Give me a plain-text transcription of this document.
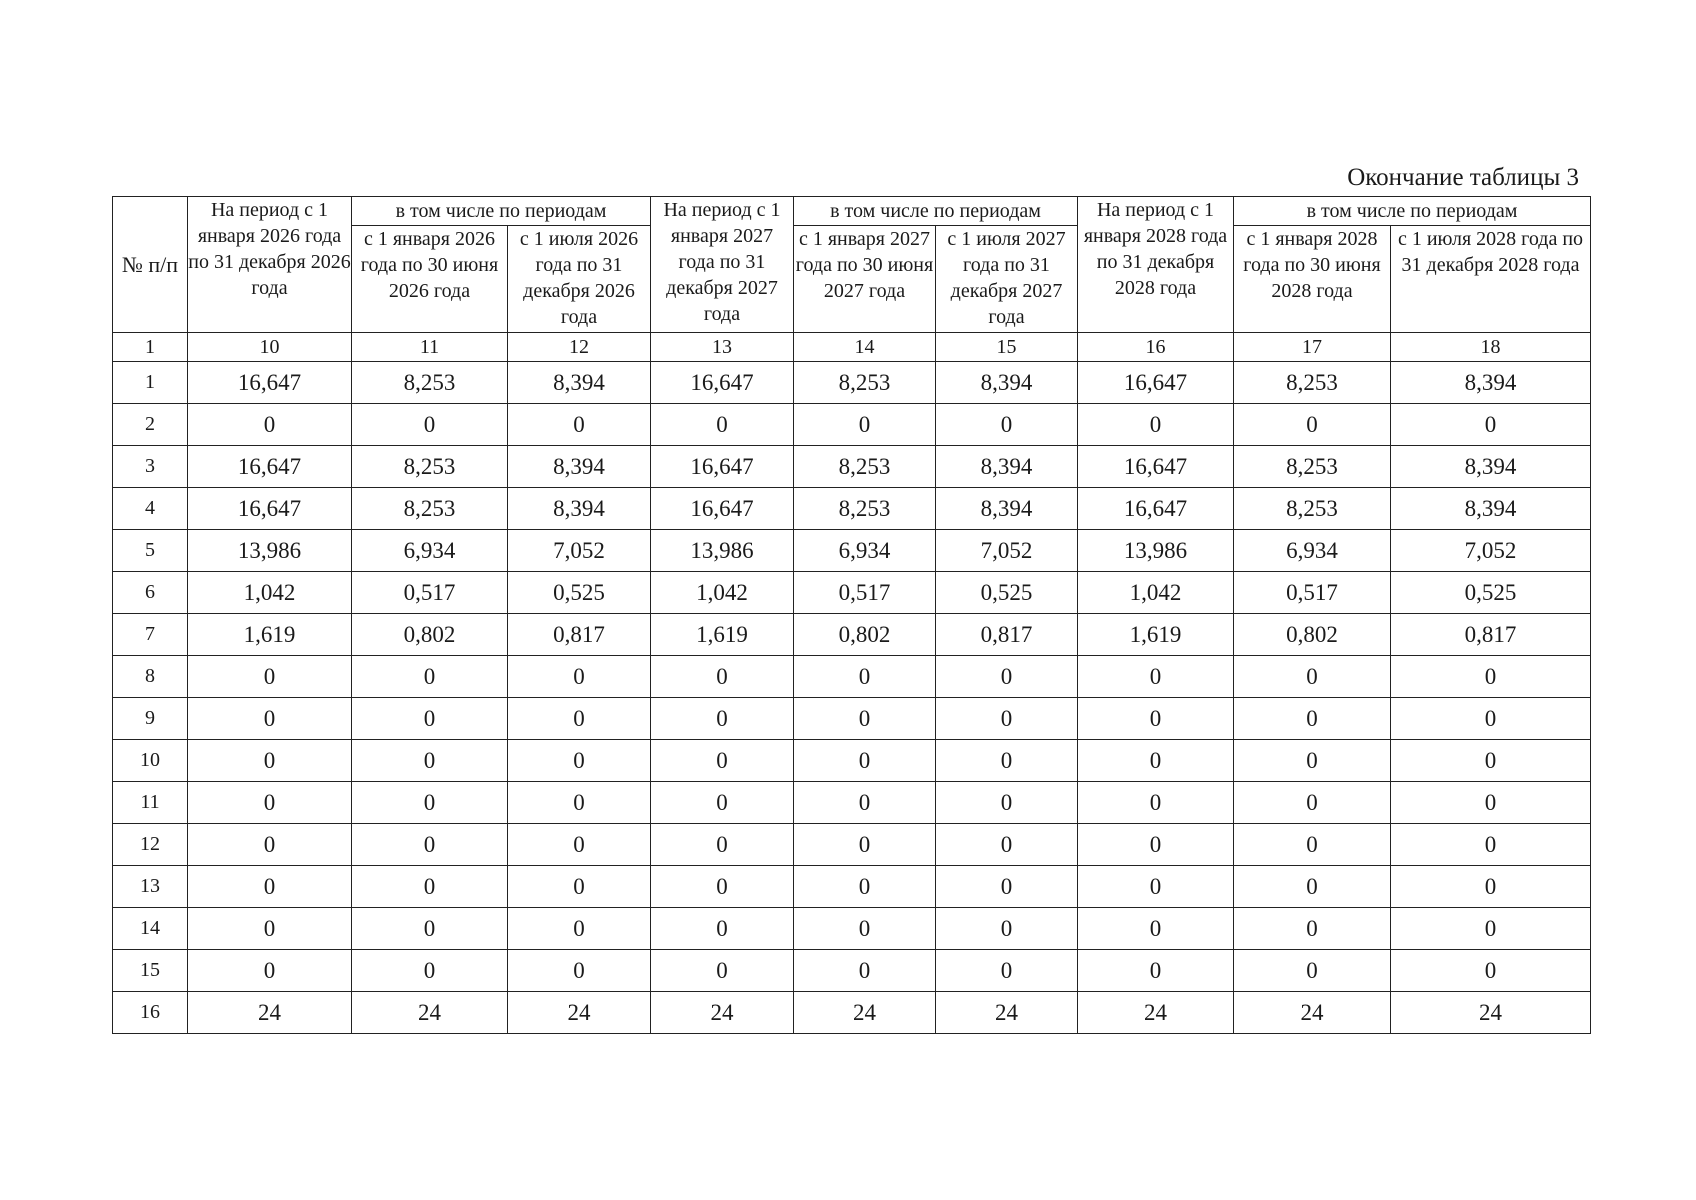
Окончание таблицы 3
№ п/п	На период с 1 января 2026 года по 31 декабря 2026 года	в том числе по периодам		На период с 1 января 2027 года по 31 декабря 2027 года	в том числе по периодам		На период с 1 января 2028 года по 31 декабря 2028 года	в том числе по периодам	
		с 1 января 2026 года по 30 июня 2026 года	с 1 июля 2026 года по 31 декабря 2026 года		с 1 января 2027 года по 30 июня 2027 года	с 1 июля 2027 года по 31 декабря 2027 года		с 1 января 2028 года по 30 июня 2028 года	с 1 июля 2028 года по 31 декабря 2028 года
1	10	11	12	13	14	15	16	17	18
1	16,647	8,253	8,394	16,647	8,253	8,394	16,647	8,253	8,394
2	0	0	0	0	0	0	0	0	0
3	16,647	8,253	8,394	16,647	8,253	8,394	16,647	8,253	8,394
4	16,647	8,253	8,394	16,647	8,253	8,394	16,647	8,253	8,394
5	13,986	6,934	7,052	13,986	6,934	7,052	13,986	6,934	7,052
6	1,042	0,517	0,525	1,042	0,517	0,525	1,042	0,517	0,525
7	1,619	0,802	0,817	1,619	0,802	0,817	1,619	0,802	0,817
8	0	0	0	0	0	0	0	0	0
9	0	0	0	0	0	0	0	0	0
10	0	0	0	0	0	0	0	0	0
11	0	0	0	0	0	0	0	0	0
12	0	0	0	0	0	0	0	0	0
13	0	0	0	0	0	0	0	0	0
14	0	0	0	0	0	0	0	0	0
15	0	0	0	0	0	0	0	0	0
16	24	24	24	24	24	24	24	24	24
